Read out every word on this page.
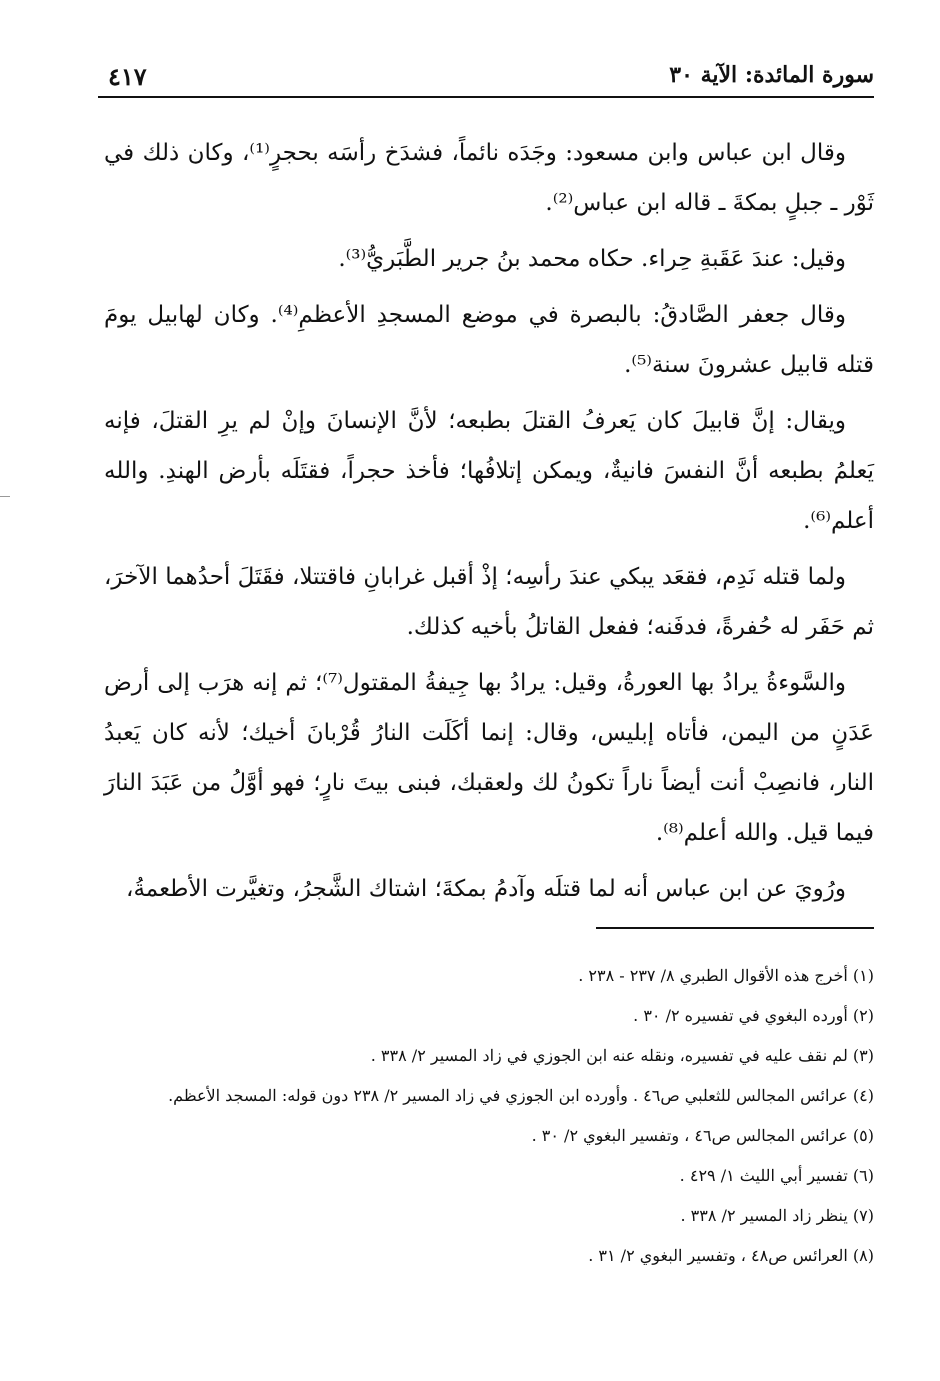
سورة المائدة: الآية ٣٠
٤١٧

وقال ابن عباس وابن مسعود: وجَدَه نائماً، فشدَخ رأسَه بحجرٍ⁽¹⁾، وكان ذلك في ثَوْر ـ جبلٍ بمكةَ ـ قاله ابن عباس⁽²⁾.

وقيل: عندَ عَقَبةِ حِراء. حكاه محمد بنُ جرير الطَّبَريُّ⁽³⁾.

وقال جعفر الصَّادقُ: بالبصرة في موضع المسجدِ الأعظمِ⁽⁴⁾. وكان لهابيل يومَ قتله قابيل عشرونَ سنة⁽⁵⁾.

ويقال: إنَّ قابيلَ كان يَعرفُ القتلَ بطبعه؛ لأنَّ الإنسانَ وإنْ لم يرِ القتلَ، فإنه يَعلمُ بطبعه أنَّ النفسَ فانيةٌ، ويمكن إتلافُها؛ فأخذ حجراً، فقتَلَه بأرض الهندِ. والله أعلم⁽⁶⁾.

ولما قتله نَدِم، فقعَد يبكي عندَ رأسِه؛ إذْ أقبل غرابانِ فاقتتلا، فقَتَلَ أحدُهما الآخرَ، ثم حَفَر له حُفرةً، فدفَنه؛ ففعل القاتلُ بأخيه كذلك.

والسَّوءةُ يرادُ بها العورةُ، وقيل: يرادُ بها جِيفةُ المقتول⁽⁷⁾؛ ثم إنه هرَب إلى أرض عَدَنٍ من اليمن، فأتاه إبليس، وقال: إنما أكَلَت النارُ قُرْبانَ أخيك؛ لأنه كان يَعبدُ النار، فانصِبْ أنت أيضاً ناراً تكونُ لك ولعقبك، فبنى بيتَ نارٍ؛ فهو أوَّلُ من عَبَدَ النارَ فيما قيل. والله أعلم⁽⁸⁾.

ورُويَ عن ابن عباس أنه لما قتلَه وآدمُ بمكةَ؛ اشتاك الشَّجرُ، وتغيَّرت الأطعمةُ،

(١) أخرج هذه الأقوال الطبري ٨/ ٢٣٧ - ٢٣٨ .

(٢) أورده البغوي في تفسيره ٢/ ٣٠ .

(٣) لم نقف عليه في تفسيره، ونقله عنه ابن الجوزي في زاد المسير ٢/ ٣٣٨ .

(٤) عرائس المجالس للثعلبي ص٤٦ . وأورده ابن الجوزي في زاد المسير ٢/ ٢٣٨ دون قوله: المسجد الأعظم.

(٥) عرائس المجالس ص٤٦ ، وتفسير البغوي ٢/ ٣٠ .

(٦) تفسير أبي الليث ١/ ٤٢٩ .

(٧) ينظر زاد المسير ٢/ ٣٣٨ .

(٨) العرائس ص٤٨ ، وتفسير البغوي ٢/ ٣١ .
